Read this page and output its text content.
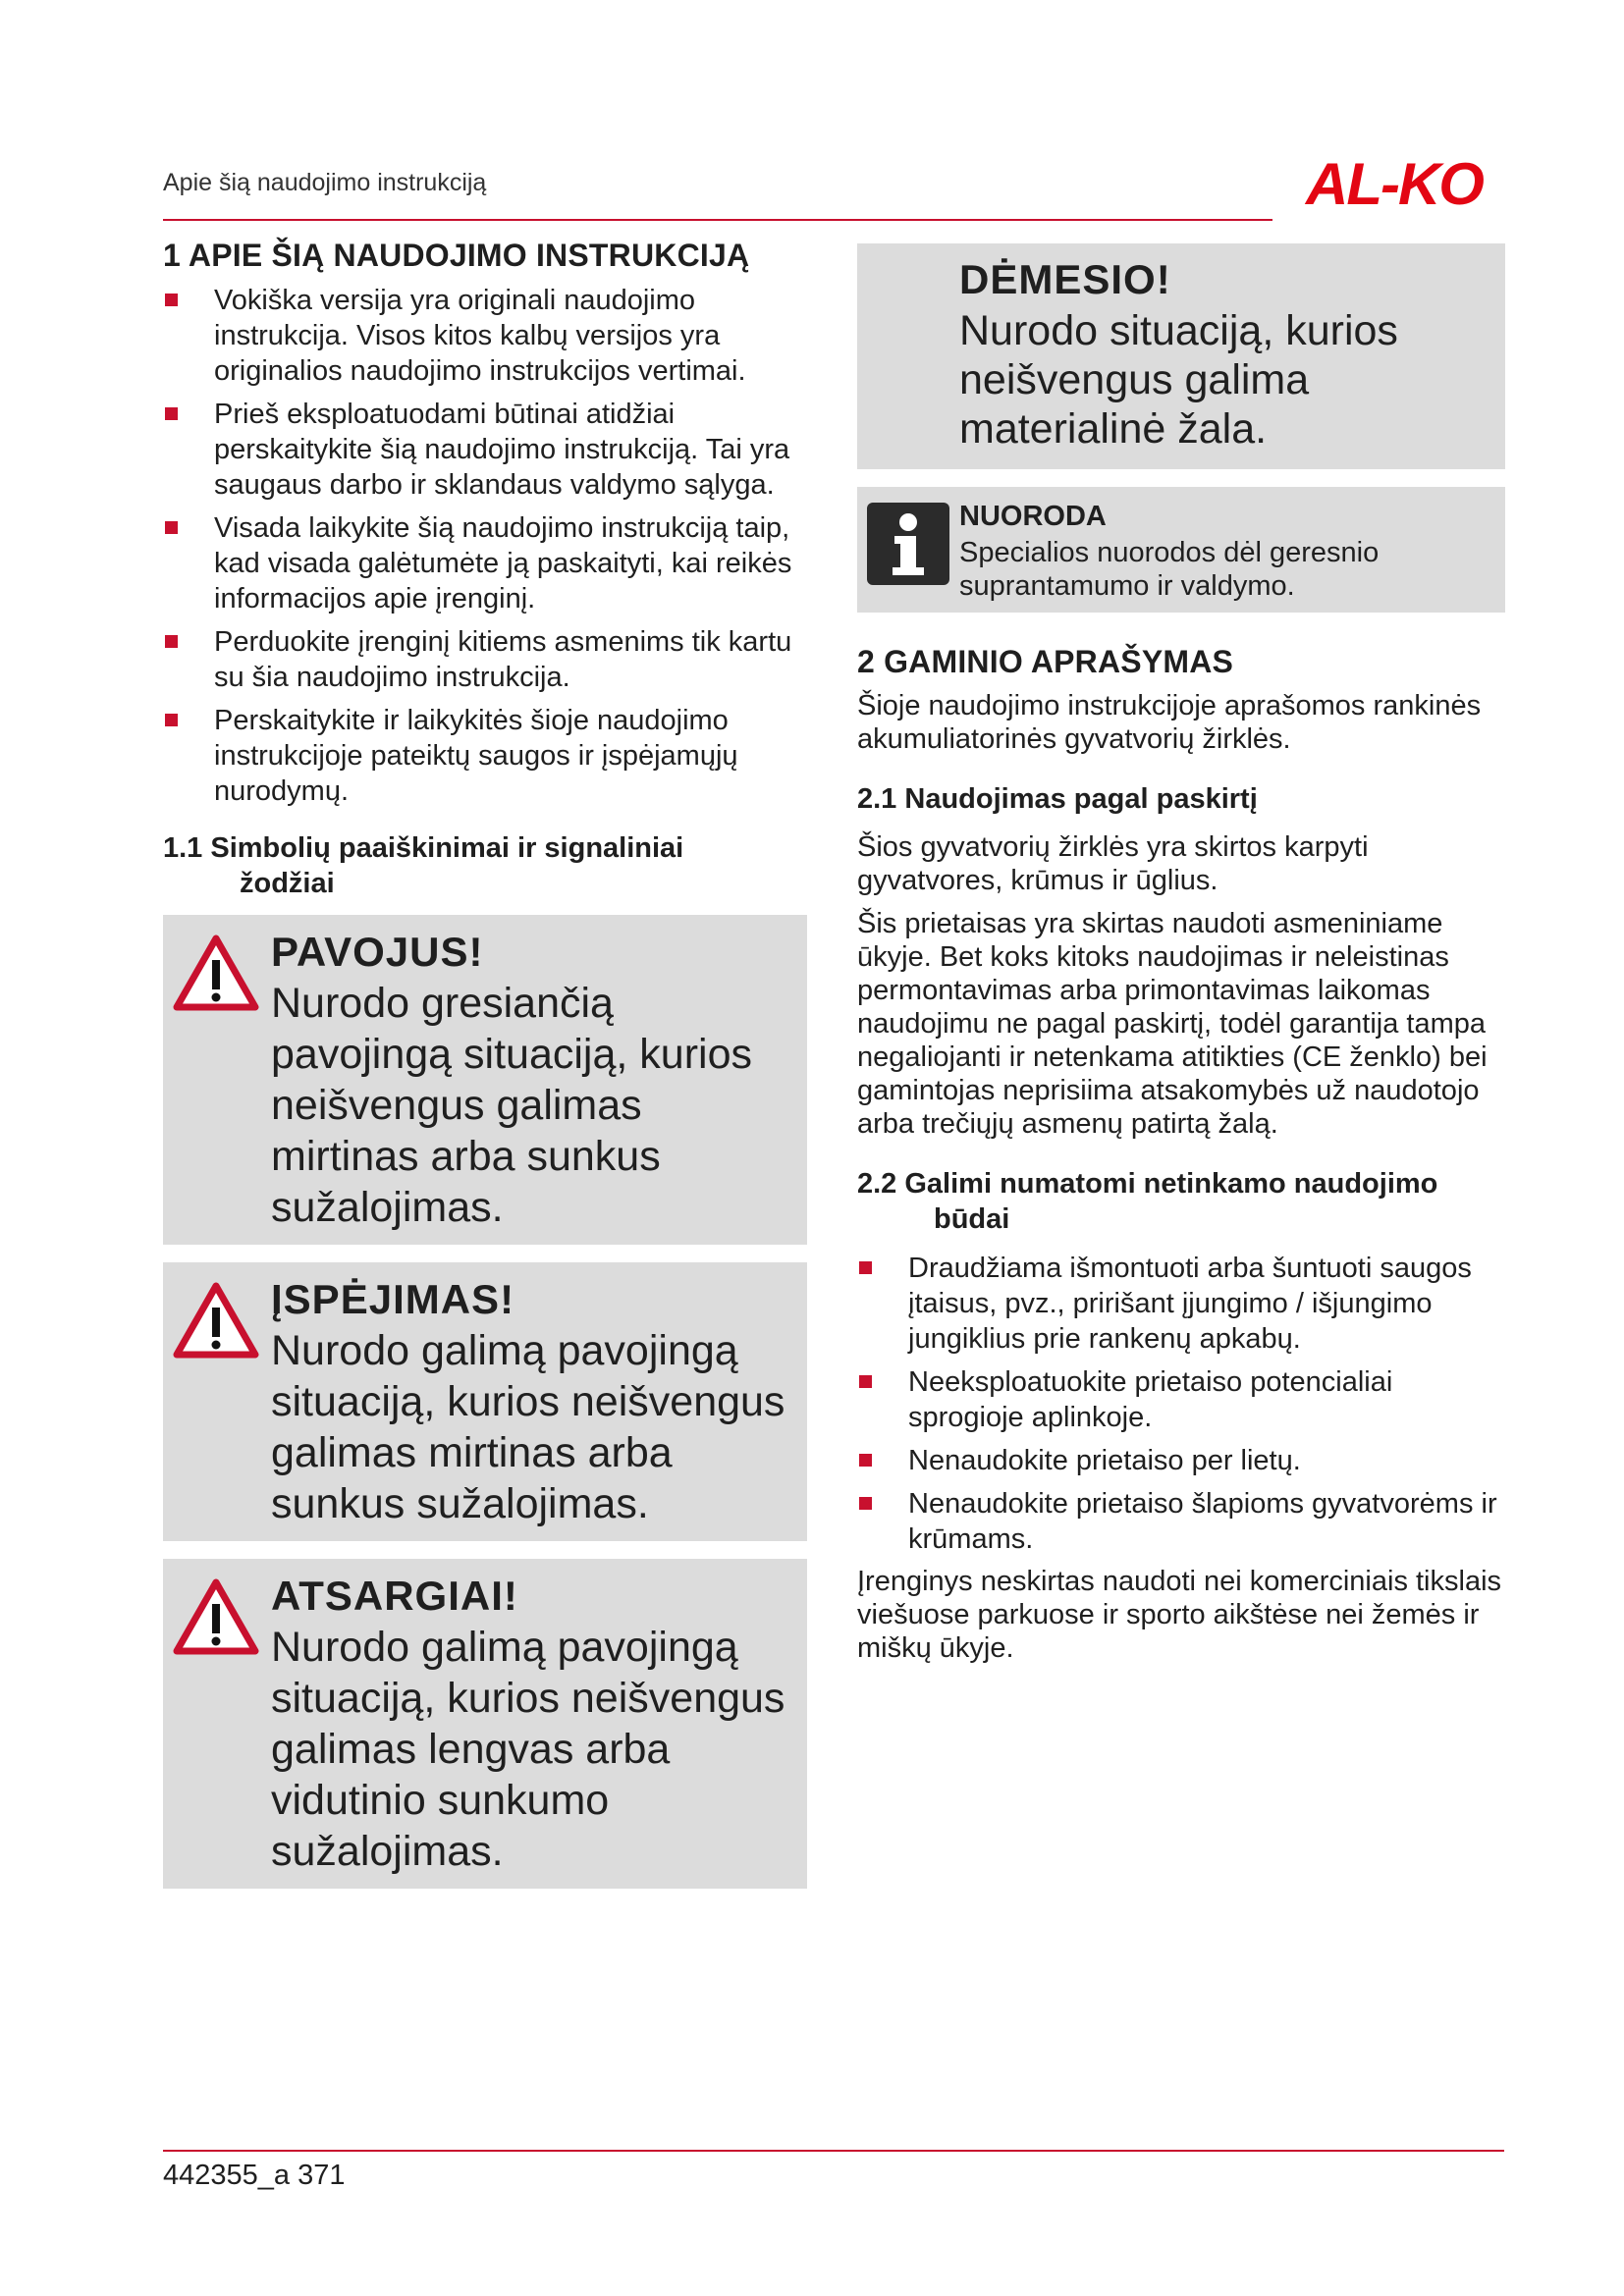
Apie šią naudojimo instrukciją	AL-KO
1 APIE ŠIĄ NAUDOJIMO INSTRUKCIJĄ
Vokiška versija yra originali naudojimo instrukcija. Visos kitos kalbų versijos yra originalios naudojimo instrukcijos vertimai.
Prieš eksploatuodami būtinai atidžiai perskaitykite šią naudojimo instrukciją. Tai yra saugaus darbo ir sklandaus valdymo sąlyga.
Visada laikykite šią naudojimo instrukciją taip, kad visada galėtumėte ją paskaityti, kai reikės informacijos apie įrenginį.
Perduokite įrenginį kitiems asmenims tik kartu su šia naudojimo instrukcija.
Perskaitykite ir laikykitės šioje naudojimo instrukcijoje pateiktų saugos ir įspėjamųjų nurodymų.
1.1 Simbolių paaiškinimai ir signaliniai
žodžiai
PAVOJUS!
Nurodo gresiančią pavojingą situaciją, kurios neišvengus galimas mirtinas arba sunkus sužalojimas.
ĮSPĖJIMAS!
Nurodo galimą pavojingą situaciją, kurios neišvengus galimas mirtinas arba sunkus sužalojimas.
ATSARGIAI!
Nurodo galimą pavojingą situaciją, kurios neišvengus galimas lengvas arba vidutinio sunkumo sužalojimas.
DĖMESIO!
Nurodo situaciją, kurios neišvengus galima materialinė žala.
NUORODA
Specialios nuorodos dėl geresnio suprantamumo ir valdymo.
2 GAMINIO APRAŠYMAS

Šioje naudojimo instrukcijoje aprašomos rankinės akumuliatorinės gyvatvorių žirklės.

2.1 Naudojimas pagal paskirtį

Šios gyvatvorių žirklės yra skirtos karpyti gyvatvores, krūmus ir ūglius.

Šis prietaisas yra skirtas naudoti asmeniniame ūkyje. Bet koks kitoks naudojimas ir neleistinas permontavimas arba primontavimas laikomas naudojimu ne pagal paskirtį, todėl garantija tampa negaliojanti ir netenkama atitikties (CE ženklo) bei gamintojas neprisiima atsakomybės už naudotojo arba trečiųjų asmenų patirtą žalą.

2.2 Galimi numatomi netinkamo naudojimo
būdai
Draudžiama išmontuoti arba šuntuoti saugos įtaisus, pvz., pririšant įjungimo / išjungimo jungiklius prie rankenų apkabų.
Neeksploatuokite prietaiso potencialiai sprogioje aplinkoje.
Nenaudokite prietaiso per lietų.
Nenaudokite prietaiso šlapioms gyvatvorėms ir krūmams.

Įrenginys neskirtas naudoti nei komerciniais tikslais viešuose parkuose ir sporto aikštėse nei žemės ir miškų ūkyje.

442355_a 371
